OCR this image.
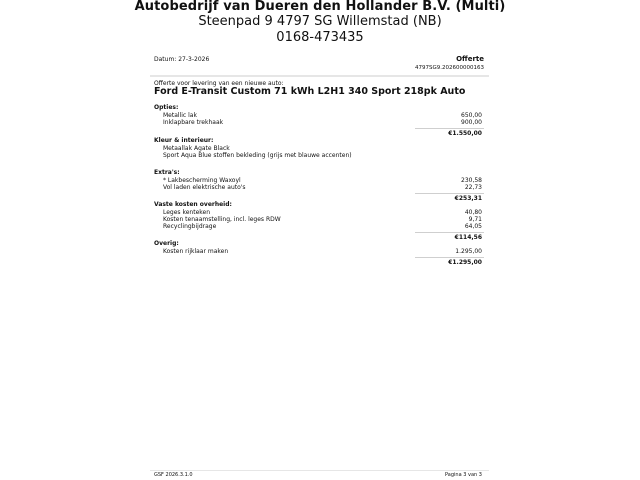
Autobedrijf van Dueren den Hollander B.V. (Multi)
Steenpad 9 4797 SG Willemstad (NB)
0168-473435
Datum: 27-3-2026	Offerte
4797SG9.202600000163
Offerte voor levering van een nieuwe auto:
Ford E-Transit Custom 71 kWh L2H1 340 Sport 218pk Auto
Opties:
Metallic lak	650,00
Inklapbare trekhaak	900,00
€1.550,00
Kleur & interieur:
Metaallak Agate Black
Sport Aqua Blue stoffen bekleding (grijs met blauwe accenten)
Extra's:
* Lakbescherming Waxoyl	230,58
Vol laden elektrische auto's	22,73
€253,31
Vaste kosten overheid:
Leges kenteken	40,80
Kosten tenaamstelling, incl. leges RDW	9,71
Recyclingbijdrage	64,05
€114,56
Overig:
Kosten rijklaar maken	1.295,00
€1.295,00
GSF 2026.3.1.0	Pagina 3 van 3
